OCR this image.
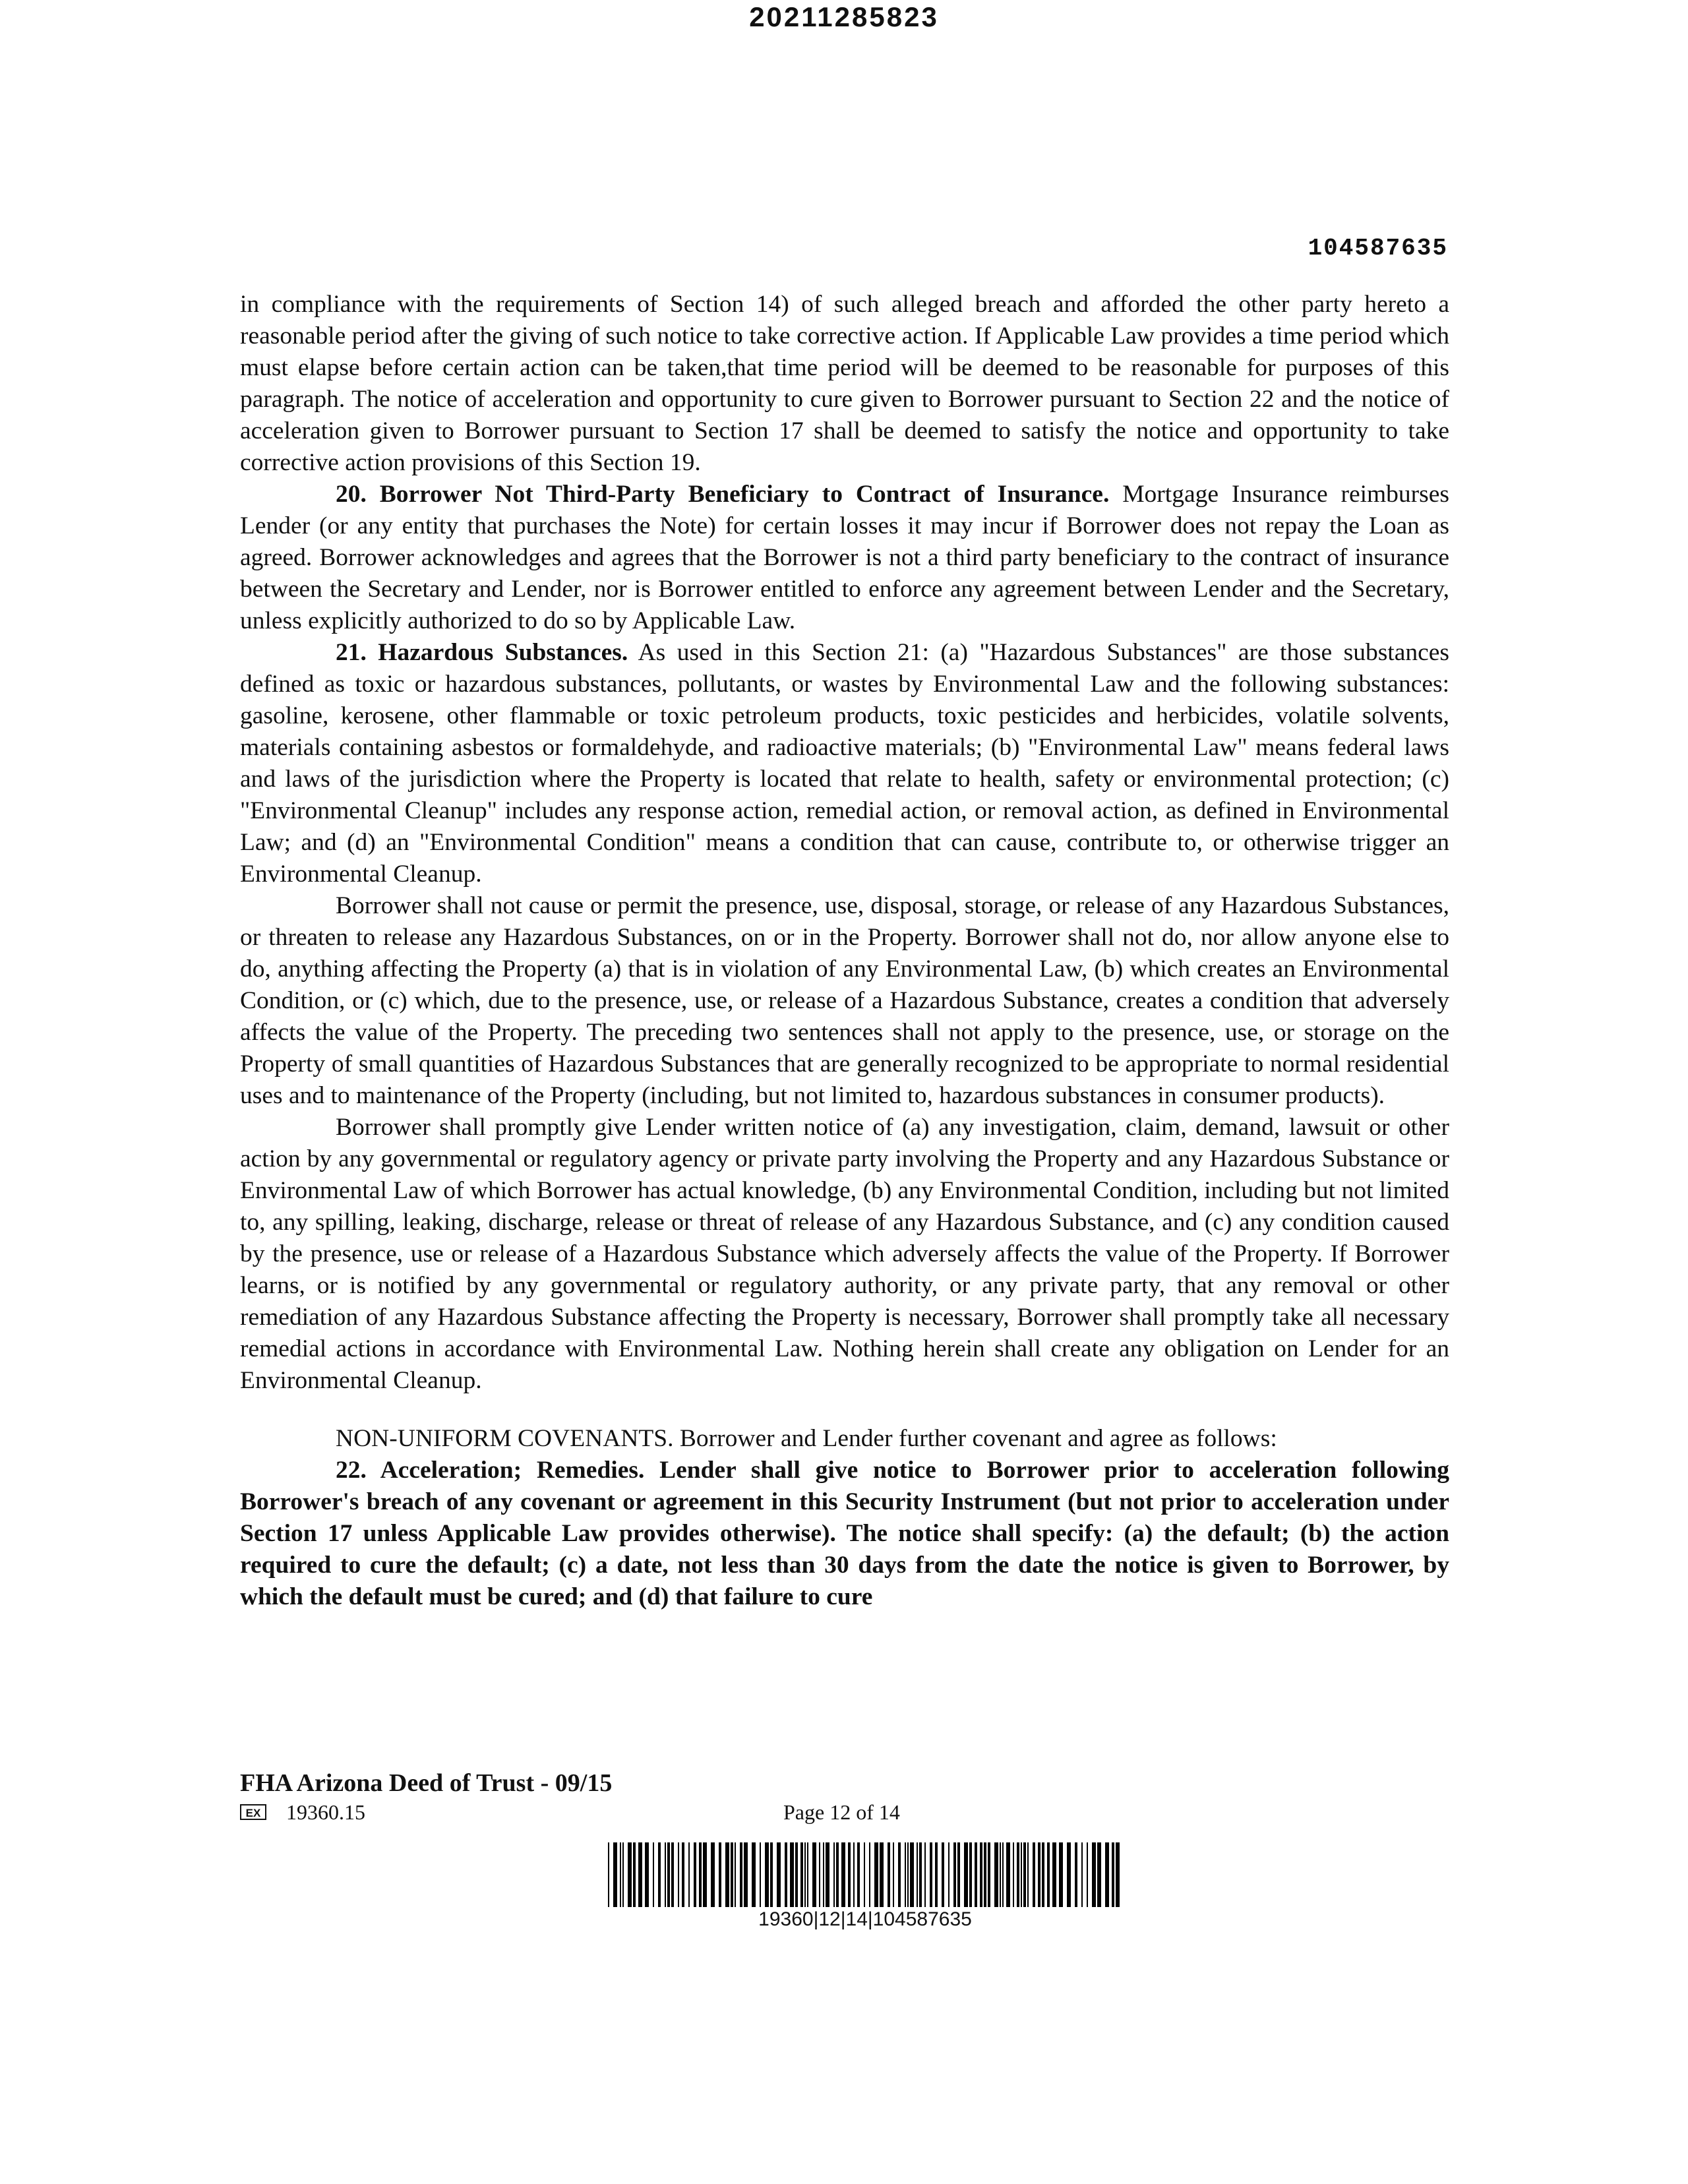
20211285823
104587635

in compliance with the requirements of Section 14) of such alleged breach and afforded the other party hereto a reasonable period after the giving of such notice to take corrective action. If Applicable Law provides a time period which must elapse before certain action can be taken,that time period will be deemed to be reasonable for purposes of this paragraph. The notice of acceleration and opportunity to cure given to Borrower pursuant to Section 22 and the notice of acceleration given to Borrower pursuant to Section 17 shall be deemed to satisfy the notice and opportunity to take corrective action provisions of this Section 19.

20. Borrower Not Third-Party Beneficiary to Contract of Insurance. Mortgage Insurance reimburses Lender (or any entity that purchases the Note) for certain losses it may incur if Borrower does not repay the Loan as agreed. Borrower acknowledges and agrees that the Borrower is not a third party beneficiary to the contract of insurance between the Secretary and Lender, nor is Borrower entitled to enforce any agreement between Lender and the Secretary, unless explicitly authorized to do so by Applicable Law.

21. Hazardous Substances. As used in this Section 21: (a) "Hazardous Substances" are those substances defined as toxic or hazardous substances, pollutants, or wastes by Environmental Law and the following substances: gasoline, kerosene, other flammable or toxic petroleum products, toxic pesticides and herbicides, volatile solvents, materials containing asbestos or formaldehyde, and radioactive materials; (b) "Environmental Law" means federal laws and laws of the jurisdiction where the Property is located that relate to health, safety or environmental protection; (c) "Environmental Cleanup" includes any response action, remedial action, or removal action, as defined in Environmental Law; and (d) an "Environmental Condition" means a condition that can cause, contribute to, or otherwise trigger an Environmental Cleanup.

Borrower shall not cause or permit the presence, use, disposal, storage, or release of any Hazardous Substances, or threaten to release any Hazardous Substances, on or in the Property. Borrower shall not do, nor allow anyone else to do, anything affecting the Property (a) that is in violation of any Environmental Law, (b) which creates an Environmental Condition, or (c) which, due to the presence, use, or release of a Hazardous Substance, creates a condition that adversely affects the value of the Property. The preceding two sentences shall not apply to the presence, use, or storage on the Property of small quantities of Hazardous Substances that are generally recognized to be appropriate to normal residential uses and to maintenance of the Property (including, but not limited to, hazardous substances in consumer products).

Borrower shall promptly give Lender written notice of (a) any investigation, claim, demand, lawsuit or other action by any governmental or regulatory agency or private party involving the Property and any Hazardous Substance or Environmental Law of which Borrower has actual knowledge, (b) any Environmental Condition, including but not limited to, any spilling, leaking, discharge, release or threat of release of any Hazardous Substance, and (c) any condition caused by the presence, use or release of a Hazardous Substance which adversely affects the value of the Property. If Borrower learns, or is notified by any governmental or regulatory authority, or any private party, that any removal or other remediation of any Hazardous Substance affecting the Property is necessary, Borrower shall promptly take all necessary remedial actions in accordance with Environmental Law. Nothing herein shall create any obligation on Lender for an Environmental Cleanup.

NON-UNIFORM COVENANTS. Borrower and Lender further covenant and agree as follows:

22. Acceleration; Remedies. Lender shall give notice to Borrower prior to acceleration following Borrower's breach of any covenant or agreement in this Security Instrument (but not prior to acceleration under Section 17 unless Applicable Law provides otherwise). The notice shall specify: (a) the default; (b) the action required to cure the default; (c) a date, not less than 30 days from the date the notice is given to Borrower, by which the default must be cured; and (d) that failure to cure

FHA Arizona Deed of Trust - 09/15
EX 19360.15	Page 12 of 14
19360|12|14|104587635
